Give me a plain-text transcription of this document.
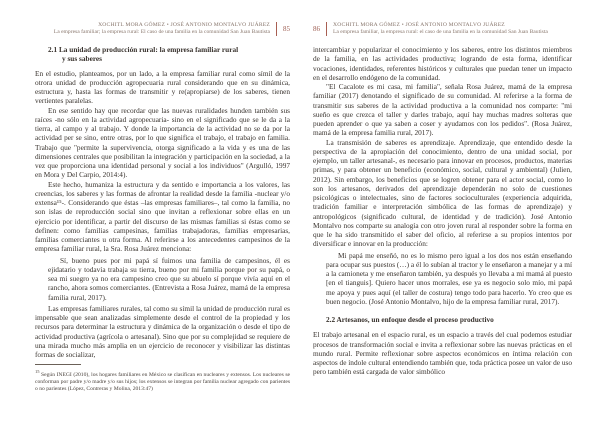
XOCHITL MORA GÓMEZ • JOSÉ ANTONIO MONTALVO JUÁREZ
La empresa familiar; la empresa rural: El caso de una familia en la comunidad San Juan Bautista 85
2.1 La unidad de producción rural: la empresa familiar rural
y sus saberes

En el estudio, planteamos, por un lado, a la empresa familiar rural como símil de la otrora unidad de producción agropecuaria rural considerando que en su dinámica, estructura y, hasta las formas de transmitir y re(apropiarse) de los saberes, tienen vertientes paralelas.

En ese sentido hay que recordar que las nuevas ruralidades hunden también sus raíces -no sólo en la actividad agropecuaria- sino en el significado que se le da a la tierra, al campo y al trabajo. Y donde la importancia de la actividad no se da por la actividad per se sino, entre otras, por lo que significa el trabajo, el trabajo en familia. Trabajo que "permite la supervivencia, otorga significado a la vida y es una de las dimensiones centrales que posibilitan la integración y participación en la sociedad, a la vez que proporciona una identidad personal y social a los individuos" (Argulló, 1997 en Mora y Del Carpio, 2014:4).

Este hecho, humaniza la estructura y da sentido e importancia a los valores, las creencias, los saberes y las formas de afrontar la realidad desde la familia -nuclear y/o extensa¹⁵-. Considerando que éstas –las empresas familiares–, tal como la familia, no son islas de reproducción social sino que invitan a reflexionar sobre ellas en un ejercicio por identificar, a partir del discurso de las mismas familias si éstas como se definen: como familias campesinas, familias trabajadoras, familias empresarias, familias comerciantes u otra forma. Al referirse a los antecedentes campesinos de la empresa familiar rural, la Sra. Rosa Juárez menciona:

Sí, bueno pues por mi papá sí fuimos una familia de campesinos, él es ejidatario y todavía trabaja su tierra, bueno por mi familia porque por su papá, o sea mi suegro ya no era campesino creo que su abuelo sí porque vivía aquí en el rancho, ahora somos comerciantes. (Entrevista a Rosa Juárez, mamá de la empresa familia rural, 2017).

Las empresas familiares rurales, tal como su símil la unidad de producción rural es impensable que sean analizadas simplemente desde el control de la propiedad y los recursos para determinar la estructura y dinámica de la organización o desde el tipo de actividad productiva (agrícola o artesanal). Sino que por su complejidad se requiere de una mirada mucho más amplia en un ejercicio de reconocer y visibilizar las distintas formas de socializar,

$^{15}$ Según INEGI (2010), los hogares familiares en México se clasifican en nucleares y extensos. Los nucleares se conforman por padre y/o madre y/o sus hijos; los extensos se integran por familia nuclear agregado con parientes o no parientes (López, Contreras y Molina, 2013:47)

86 XOCHITL MORA GÓMEZ • JOSÉ ANTONIO MONTALVO JUÁREZ
La empresa familiar, la empresa rural: el caso de una familia en la comunidad San Juan Bautista

intercambiar y popularizar el conocimiento y los saberes, entre los distintos miembros de la familia, en las actividades productiva; logrando de esta forma, identificar vocaciones, identidades, referentes históricos y culturales que puedan tener un impacto en el desarrollo endógeno de la comunidad.

"El Cacalote es mi casa, mi familia", señala Rosa Juárez, mamá de la empresa familiar (2017) denotando el significado de su comunidad. Al referirse a la forma de transmitir sus saberes de la actividad productiva a la comunidad nos comparte: "mi sueño es que crezca el taller y darles trabajo, aquí hay muchas madres solteras que pueden aprender o que ya saben a coser y ayudamos con los pedidos". (Rosa Juárez, mamá de la empresa familia rural, 2017).

La transmisión de saberes es aprendizaje. Aprendizaje, que entendido desde la perspectiva de la apropiación del conocimiento, dentro de una unidad social, por ejemplo, un taller artesanal-, es necesario para innovar en procesos, productos, materias primas, y para obtener un beneficio (económico, social, cultural y ambiental) (Julien, 2012). Sin embargo, los beneficios que se logren obtener para el actor social, como lo son los artesanos, derivados del aprendizaje dependerán no solo de cuestiones psicológicas o intelectuales, sino de factores socioculturales (experiencia adquirida, tradición familiar e interpretación simbólica de las formas de aprendizaje) y antropológicos (significado cultural, de identidad y de tradición). José Antonio Montalvo nos comparte su analogía con otro joven rural al responder sobre la forma en que le ha sido transmitido el saber del oficio, al referirse a su propios intentos por diversificar e innovar en la producción:

Mi papá me enseñó, no es lo mismo pero igual a los dos nos están enseñando para ocupar sus puestos (…) a él lo subían al tractor y le enseñaron a manejar y a mí a la camioneta y me enseñaron también, ya después yo llevaba a mi mamá al puesto [en el tianguis]. Quiero hacer unos morrales, ese ya es negocio solo mío, mi papá me apoya y pues aquí (el taller de costura) tengo todo para hacerlo. Yo creo que es buen negocio. (José Antonio Montalvo, hijo de la empresa familiar rural, 2017).

2.2 Artesanos, un enfoque desde el proceso productivo

El trabajo artesanal en el espacio rural, es un espacio a través del cual podemos estudiar procesos de transformación social e invita a reflexionar sobre las nuevas prácticas en el mundo rural. Permite reflexionar sobre aspectos económicos en íntima relación con aspectos de índole cultural entendiendo también que, toda práctica posee un valor de uso pero también está cargada de valor simbólico
